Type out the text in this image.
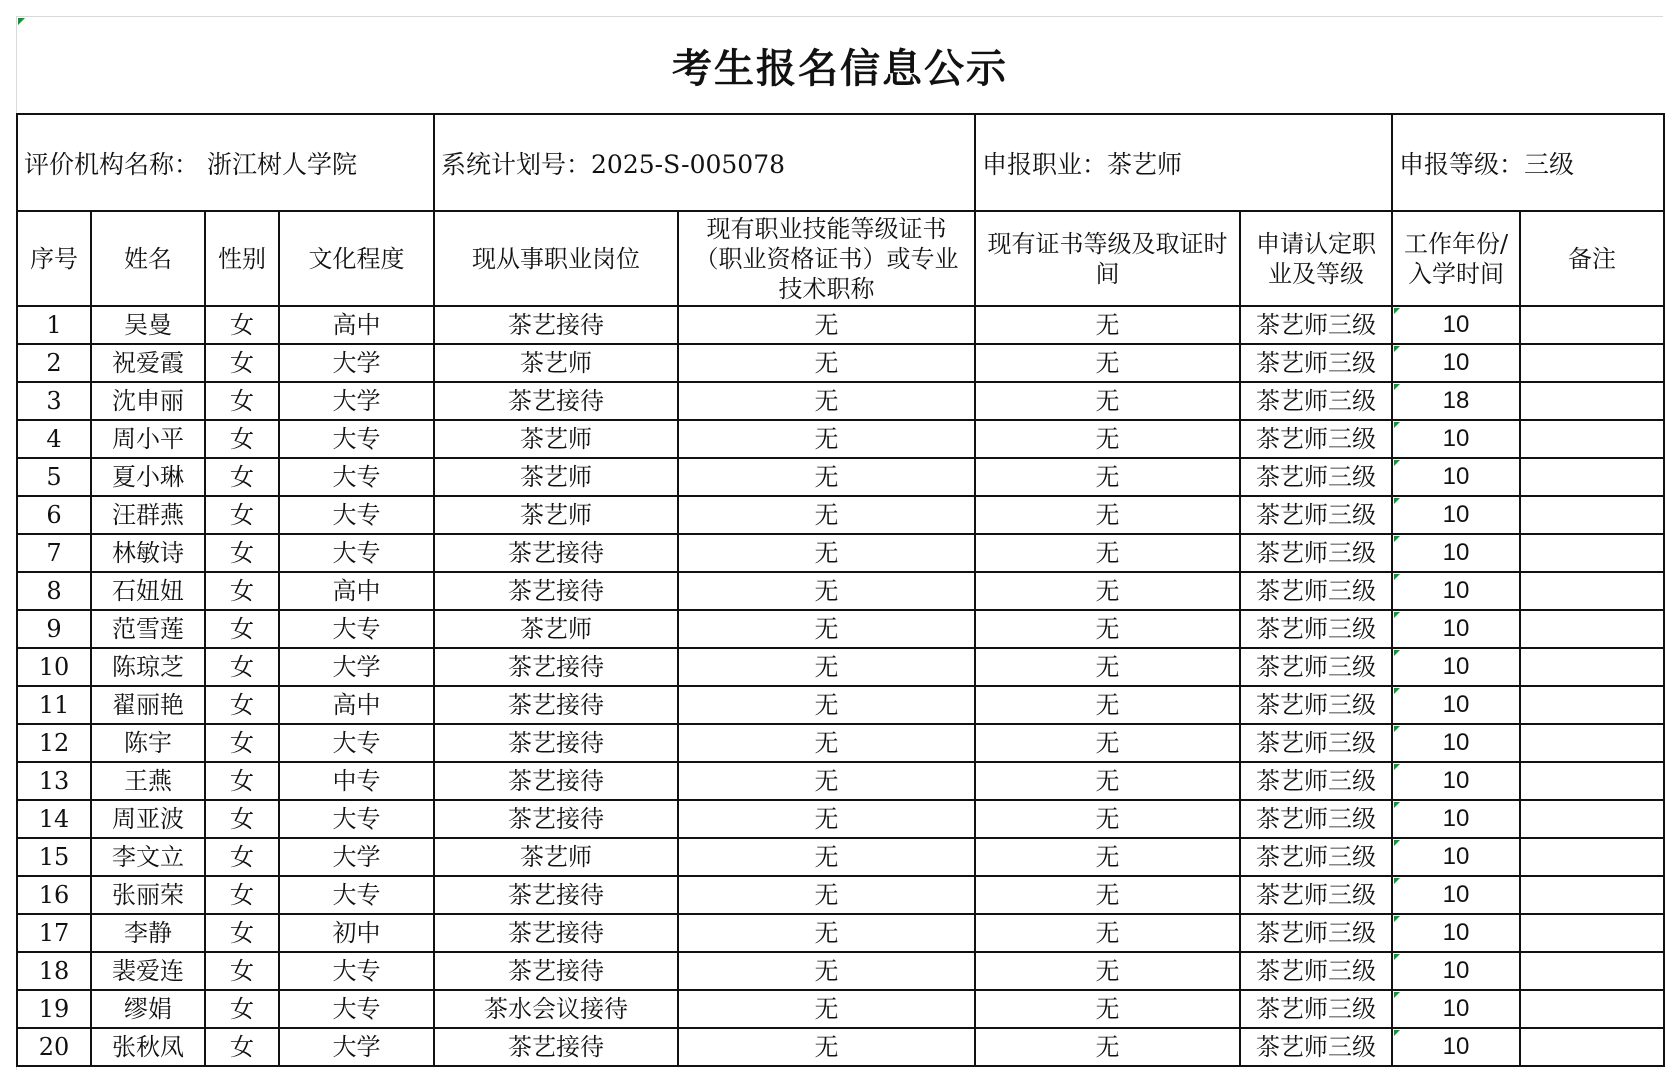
考生报名信息公示
评价机构名称： 浙江树人学院				系统计划号：2025-S-005078		申报职业：茶艺师		申报等级：三级	
序号	姓名	性别	文化程度	现从事职业岗位	现有职业技能等级证书（职业资格证书）或专业技术职称	现有证书等级及取证时间	申请认定职业及等级	工作年份/入学时间	备注
1	吴曼	女	高中	茶艺接待	无	无	茶艺师三级	10	
2	祝爱霞	女	大学	茶艺师	无	无	茶艺师三级	10	
3	沈申丽	女	大学	茶艺接待	无	无	茶艺师三级	18	
4	周小平	女	大专	茶艺师	无	无	茶艺师三级	10	
5	夏小琳	女	大专	茶艺师	无	无	茶艺师三级	10	
6	汪群燕	女	大专	茶艺师	无	无	茶艺师三级	10	
7	林敏诗	女	大专	茶艺接待	无	无	茶艺师三级	10	
8	石妞妞	女	高中	茶艺接待	无	无	茶艺师三级	10	
9	范雪莲	女	大专	茶艺师	无	无	茶艺师三级	10	
10	陈琼芝	女	大学	茶艺接待	无	无	茶艺师三级	10	
11	翟丽艳	女	高中	茶艺接待	无	无	茶艺师三级	10	
12	陈宇	女	大专	茶艺接待	无	无	茶艺师三级	10	
13	王燕	女	中专	茶艺接待	无	无	茶艺师三级	10	
14	周亚波	女	大专	茶艺接待	无	无	茶艺师三级	10	
15	李文立	女	大学	茶艺师	无	无	茶艺师三级	10	
16	张丽荣	女	大专	茶艺接待	无	无	茶艺师三级	10	
17	李静	女	初中	茶艺接待	无	无	茶艺师三级	10	
18	裴爱连	女	大专	茶艺接待	无	无	茶艺师三级	10	
19	缪娟	女	大专	茶水会议接待	无	无	茶艺师三级	10	
20	张秋凤	女	大学	茶艺接待	无	无	茶艺师三级	10	
